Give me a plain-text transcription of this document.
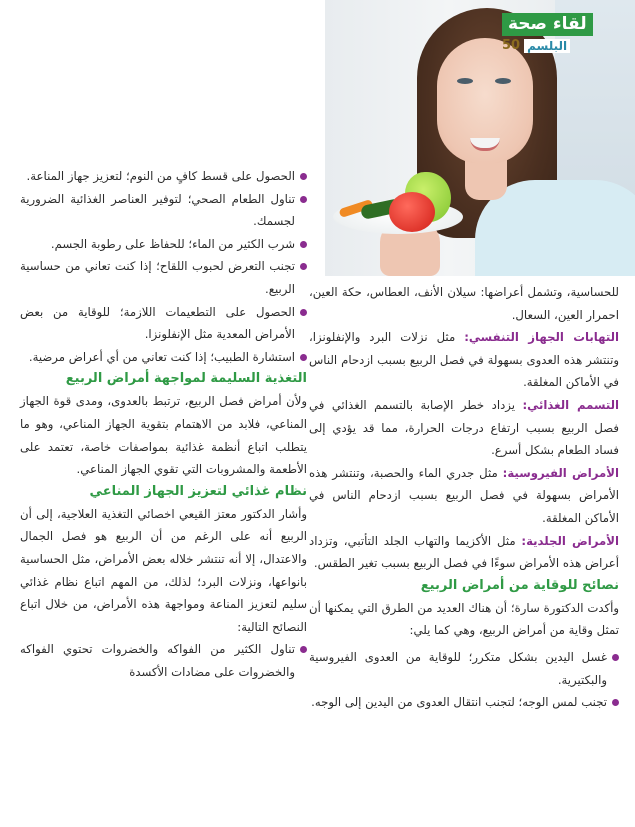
لقاء صحة
البلسم
50

للحساسية، وتشمل أعراضها: سيلان الأنف، العطاس، حكة العين، احمرار العين، السعال.

التهابات الجهاز التنفسي: مثل نزلات البرد والإنفلونزا، وتنتشر هذه العدوى بسهولة في فصل الربيع بسبب ازدحام الناس في الأماكن المغلقة.

التسمم الغذائي: يزداد خطر الإصابة بالتسمم الغذائي في فصل الربيع بسبب ارتفاع درجات الحرارة، مما قد يؤدي إلى فساد الطعام بشكل أسرع.

الأمراض الفيروسية: مثل جدري الماء والحصبة، وتنتشر هذه الأمراض بسهولة في فصل الربيع بسبب ازدحام الناس في الأماكن المغلقة.

الأمراض الجلدية: مثل الأكزيما والتهاب الجلد التأتبي، وتزداد أعراض هذه الأمراض سوءًا في فصل الربيع بسبب تغير الطقس.

نصائح للوقاية من أمراض الربيع

وأكدت الدكتورة سارة؛ أن هناك العديد من الطرق التي يمكنها أن تمثل وقاية من أمراض الربيع، وهي كما يلي:

غسل اليدين بشكل متكرر؛ للوقاية من العدوى الفيروسية والبكتيرية.

تجنب لمس الوجه؛ لتجنب انتقال العدوى من اليدين إلى الوجه.

الحصول على قسط كافٍ من النوم؛ لتعزيز جهاز المناعة.

تناول الطعام الصحي؛ لتوفير العناصر الغذائية الضرورية لجسمك.

شرب الكثير من الماء؛ للحفاظ على رطوبة الجسم.

تجنب التعرض لحبوب اللقاح؛ إذا كنت تعاني من حساسية الربيع.

الحصول على التطعيمات اللازمة؛ للوقاية من بعض الأمراض المعدية مثل الإنفلونزا.

استشارة الطبيب؛ إذا كنت تعاني من أي أعراض مرضية.

التغذية السليمة لمواجهة أمراض الربيع

ولأن أمراض فصل الربيع، ترتبط بالعدوى، ومدى قوة الجهاز المناعي، فلابد من الاهتمام بتقوية الجهاز المناعي، وهو ما يتطلب اتباع أنظمة غذائية بمواصفات خاصة، تعتمد على الأطعمة والمشروبات التي تقوي الجهاز المناعي.

نظام غذائي لتعزيز الجهاز المناعي

وأشار الدكتور معتز القيعي اخصائي التغذية العلاجية، إلى أن الربيع أنه على الرغم من أن الربيع هو فصل الجمال والاعتدال، إلا أنه تنتشر خلاله بعض الأمراض، مثل الحساسية بانواعها، ونزلات البرد؛ لذلك، من المهم اتباع نظام غذائي سليم لتعزيز المناعة ومواجهة هذه الأمراض، من خلال اتباع النصائح التالية:

تناول الكثير من الفواكه والخضروات تحتوي الفواكه والخضروات على مضادات الأكسدة
